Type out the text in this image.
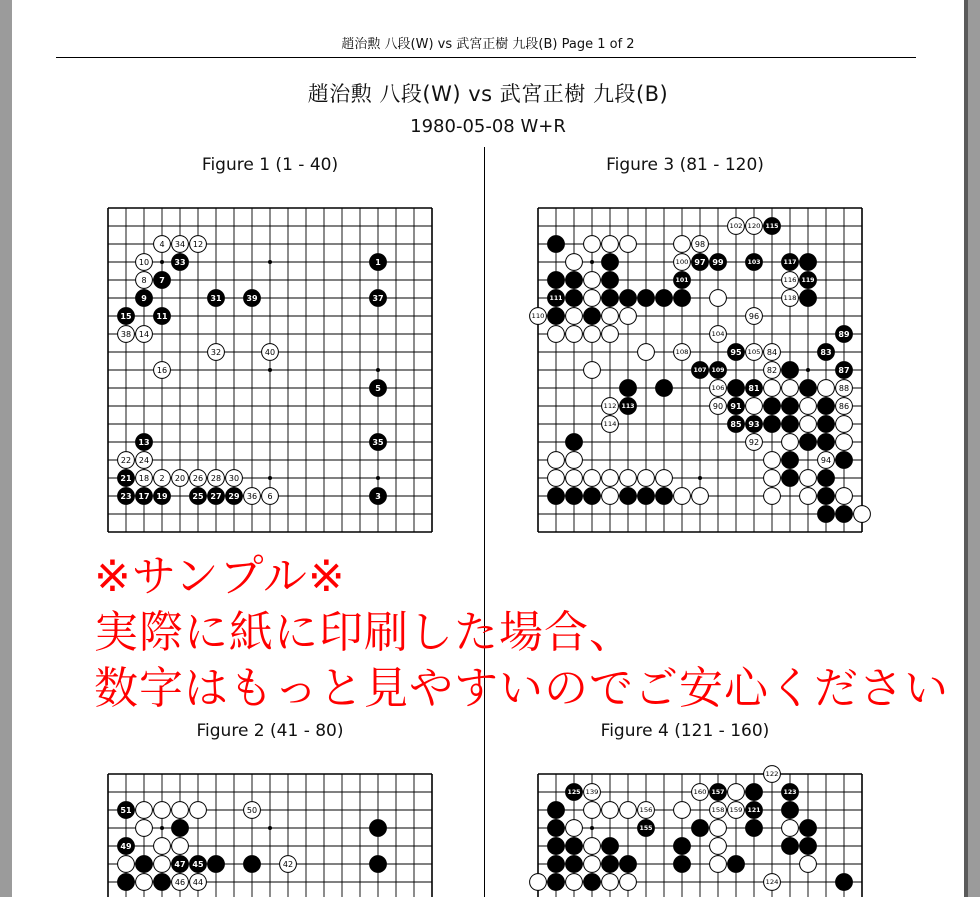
趙治勲 八段(W) vs 武宮正樹 九段(B) Page 1 of 2
趙治勲 八段(W) vs 武宮正樹 九段(B)
1980-05-08 W+R
Figure 1 (1 - 40)	Figure 3 (81 - 120)
Figure 2 (41 - 80)	Figure 4 (121 - 160)
4 34 12
10	33	1
8 7
9	31	39	37
15	11
38 14
32	40
16
5
13	35
22 24
21 18 2 20 26 28 30
23 17 19	25 27 29 36 6	3
102 120 115
98
100 97 99	103	117
101	116 119
111	118
110	96
104	89
108	95 105 84	83
107 109	82	87
106	81	88
112 113	90 91	86
114	85 93
92
94
51	50
49
47 45	42
46 44
122
125 139	160 157	123
156	158 159 121
155
124
※サンプル※
実際に紙に印刷した場合、
数字はもっと見やすいのでご安心ください
